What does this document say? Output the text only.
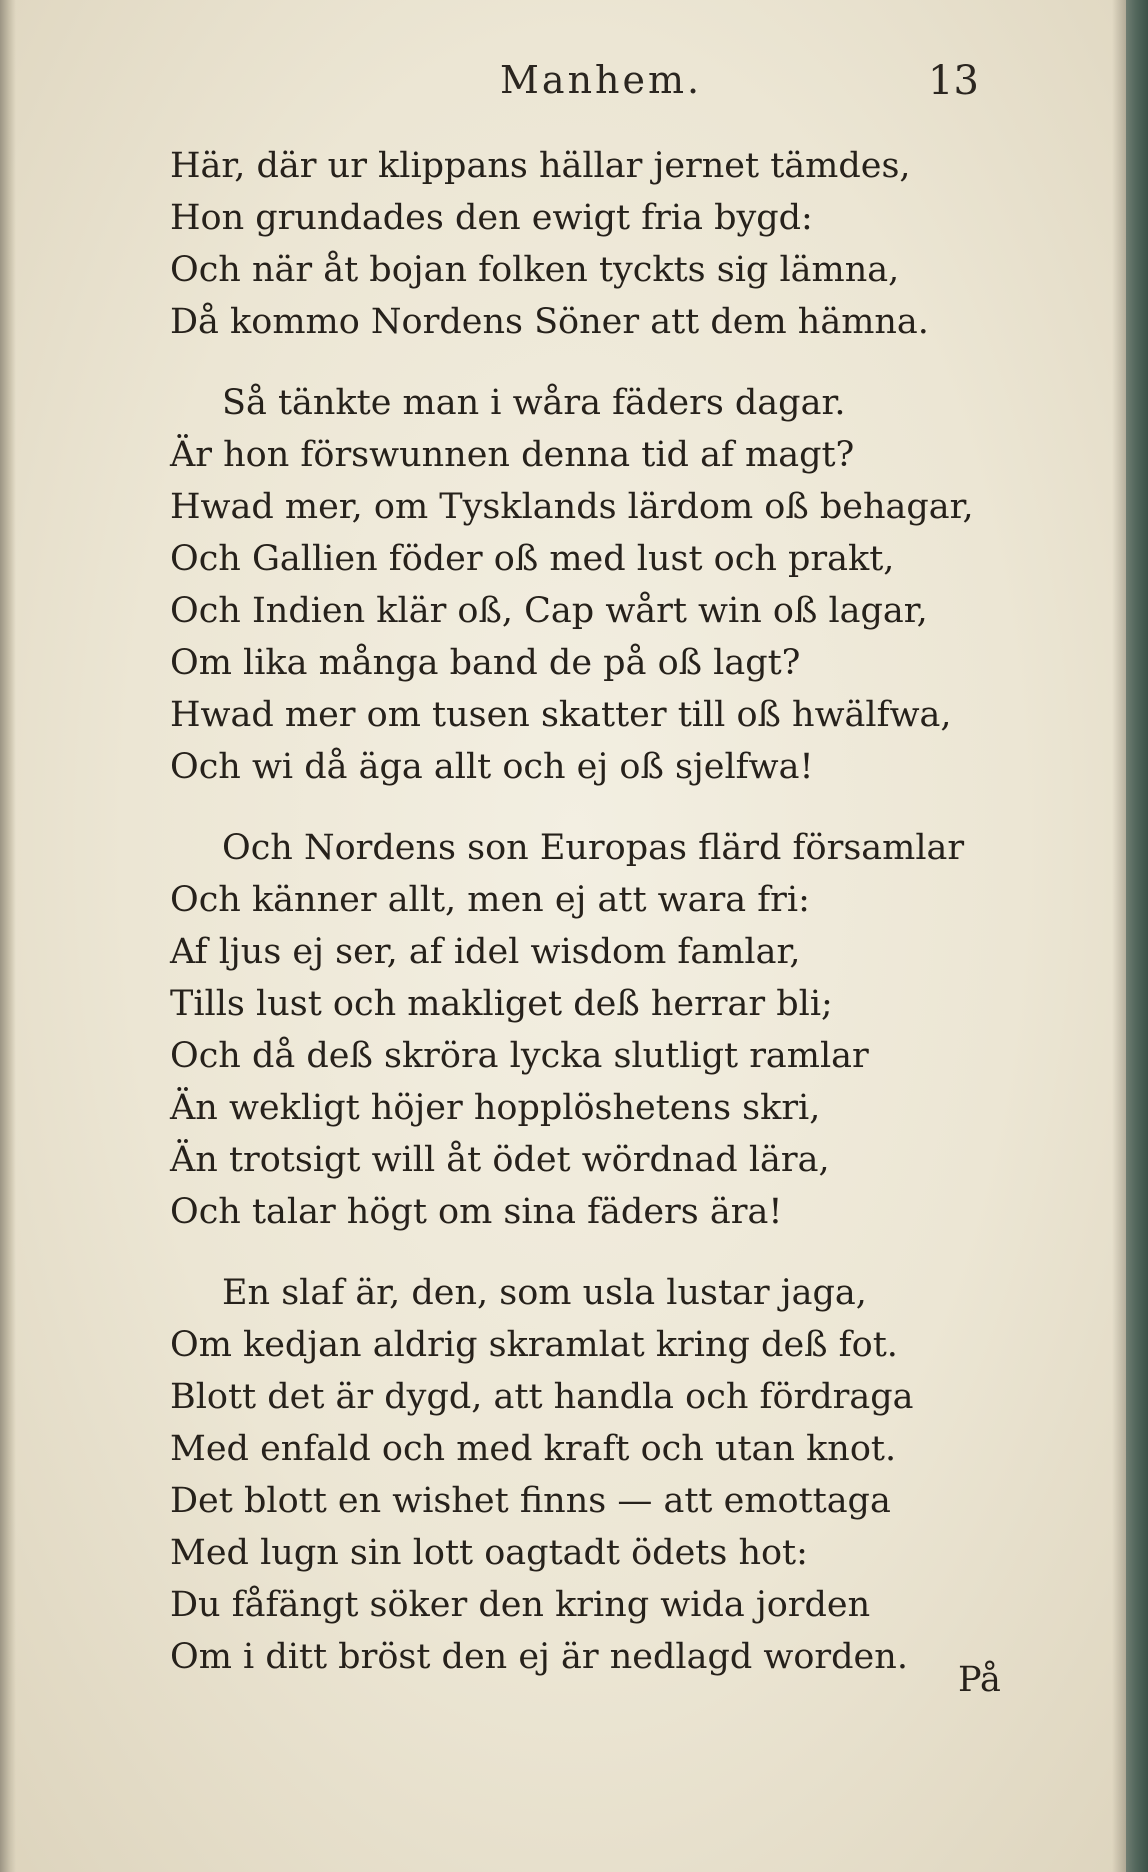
Manhem.	13
Här, där ur klippans hällar jernet tämdes,
Hon grundades den ewigt fria bygd:
Och när åt bojan folken tyckts sig lämna,
Då kommo Nordens Söner att dem hämna.
Så tänkte man i wåra fäders dagar.
Är hon förswunnen denna tid af magt?
Hwad mer, om Tysklands lärdom oß behagar,
Och Gallien föder oß med lust och prakt,
Och Indien klär oß, Cap wårt win oß lagar,
Om lika många band de på oß lagt?
Hwad mer om tusen skatter till oß hwälfwa,
Och wi då äga allt och ej oß sjelfwa!
Och Nordens son Europas flärd församlar
Och känner allt, men ej att wara fri:
Af ljus ej ser, af idel wisdom famlar,
Tills lust och makliget deß herrar bli;
Och då deß skröra lycka slutligt ramlar
Än wekligt höjer hopplöshetens skri,
Än trotsigt will åt ödet wördnad lära,
Och talar högt om sina fäders ära!
En slaf är, den, som usla lustar jaga,
Om kedjan aldrig skramlat kring deß fot.
Blott det är dygd, att handla och fördraga
Med enfald och med kraft och utan knot.
Det blott en wishet finns — att emottaga
Med lugn sin lott oagtadt ödets hot:
Du fåfängt söker den kring wida jorden
Om i ditt bröst den ej är nedlagd worden.
På
